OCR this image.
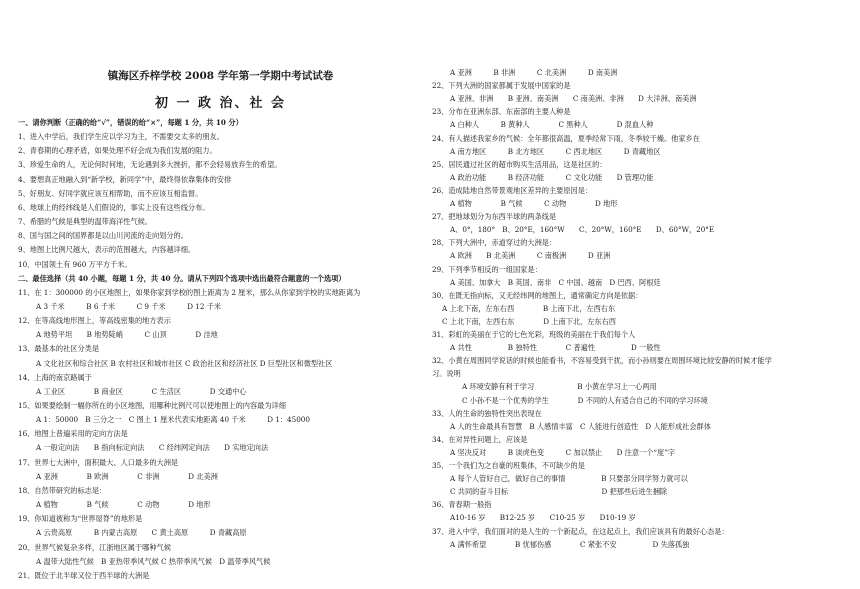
镇海区乔梓学校 2008 学年第一学期中考试试卷
初 一 政 治、社 会
一、请你判断（正确的给“√”，错误的给“×”，每题 1 分，共 10 分）
1、进入中学后，我们学生应以学习为主，不需要交太多的朋友。
2、青春期的心理矛盾，如果处理不好会成为我们发展的阻力。
3、珍爱生命的人，无论何时何地，无论遇到多大挫折，都不会轻易放弃生的希望。
4、要想真正地融入到“新学校，新同学”中，最终得依靠集体的安排
5、好朋友、好同学就应该互相帮助，而不应该互相监督。
6、地球上的经纬线是人们假设的，事实上没有这些线分布。
7、希腊的气候是典型的温带海洋性气候。
8、国与国之间的国界都是以山川河流的走向划分的。
9、地图上比例尺越大，表示的范围越大，内容越详细。
10、中国领土有 960 万平方千米。
二、最佳选择（共 40 小题，每题 1 分，共 40 分。请从下列四个选项中选出最符合题意的一个选项）
11、在 1：300000 的小区地图上，如果你家到学校的图上距离为 2 厘米，那么从你家到学校的实地距离为
A 3 千米　　　B 6 千米　　　C 9 千米　　　D 12 千米
12、在等高线地形图上，等高线密集的地方表示
A 地势平坦　　B 地势陡峭　　　C 山顶　　　　D 洼地
13、最基本的社区分类是
A 文化社区和综合社区 B 农村社区和城市社区 C 政治社区和经济社区 D 巨型社区和微型社区
14、上海的南京路属于
A 工业区　　　　B 商业区　　　　C 生活区　　　　D 交通中心
15、如果要绘制一幅你所在的小区地图，用哪种比例尺可以使地图上的内容最为详细
A 1：50000　B 三分之一　C 图上 1 厘米代表实地距离 40 千米　　　D 1：45000
16、地图上普遍采用的定向方法是
A 一般定向法　　B 指向标定向法　　C 经纬网定向法　　D 实地定向法
17、世界七大洲中，面积最大、人口最多的大洲是
A 亚洲　　　　B 欧洲　　　　C 非洲　　　　D 北美洲
18、自然带研究的标志是：
A 植物　　　　B 气候　　　　C 动物　　　　D 地形
19、你知道被称为“世界屋脊”的地形是
A 云贵高原　　　B 内蒙古高原　　C 黄土高原　　　D 青藏高原
20、世界气候复杂多样，江浙地区属于哪种气候
A 温带大陆性气候　B 亚热带季风气候 C 热带季风气候　D 温带季风气候
21、既位于北半球又位于西半球的大洲是
A 亚洲　　　B 非洲　　　C 北美洲　　　D 南美洲
22、下列大洲的国家都属于发展中国家的是
A 亚洲、非洲　　B 亚洲、南美洲　　C 南美洲、非洲　　D 大洋洲、南美洲
23、分布在亚洲东部、东南部的主要人种是
A 白种人　　　B 黄种人　　　　C 黑种人　　　　D 混血人种
24、有人描述我家乡的气候：全年都很高温，夏季经常下雨，冬季较干燥。他家乡在
A 南方地区　　　B 北方地区　　　C 西北地区　　　D 青藏地区
25、居民通过社区的超市购买生活用品，这是社区的：
A 政治功能　　　B 经济功能　　　C 文化功能　　D 管理功能
26、造成陆地自然带景观地区差异的主要原因是：
A 植物　　　　B 气候　　　C 动物　　　　D 地形
27、把地球划分为东西半球的两条线是
A、0°，180°　B、20°E，160°W　　C、20°W，160°E　　D、60°W，20°E
28、下列大洲中，赤道穿过的大洲是：
A 欧洲　　B 北美洲　　　C 南极洲　　　D 亚洲
29、下列季节相反的一组国家是：
A 美国、加拿大　B 英国、南非　C 中国、越南　D 巴西、阿根廷
30、在既无指向标，又无经纬网的地图上，通常确定方向是依据：
A 上北下南，左东右西　　　　B 上南下北，左西右东
C 上北下南，左西右东　　　　D 上南下北，左东右西
31、彩虹的美丽在于它的七色光彩，班级的美丽在于我们每个人
A 共性　　　　　B 独特性　　　　C 普遍性　　　　　D 一般性
32、小黄在周围同学说话的时候也能看书，不容易受到干扰，而小孙则要在周围环境比较安静的时候才能学
习。说明
A 环境安静有利于学习　　　　　　B 小黄在学习上一心两用
C 小孙不是一个优秀的学生　　　　D 不同的人有适合自己的不同的学习环境
33、人的生命的独特性突出表现在
A 人的生命最具有智慧　B 人感情丰富　C 人能进行创造性　D 人能形成社会群体
34、在对异性问题上，应该是
A 坚决反对　　　B 谈虎色变　　　C 加以禁止　　D 注意一个“度”字
35、一个我们为之自豪的班集体，不可缺少的是
A 每个人管好自己，做好自己的事情　　　　　B 只要部分同学努力就可以
C 共同的奋斗目标　　　　　　　　　　　　　D 把那些后进生捆除
36、青春期一般指
A10-16 岁　　B12-25 岁　　C10-25 岁　　D10-19 岁
37、进入中学，我们面对的是人生的一个新起点，在这起点上，我们应该具有的最好心态是：
A 满怀希望　　　　B 忧郁伤感　　　　C 紧张不安　　　　　D 失落孤独
